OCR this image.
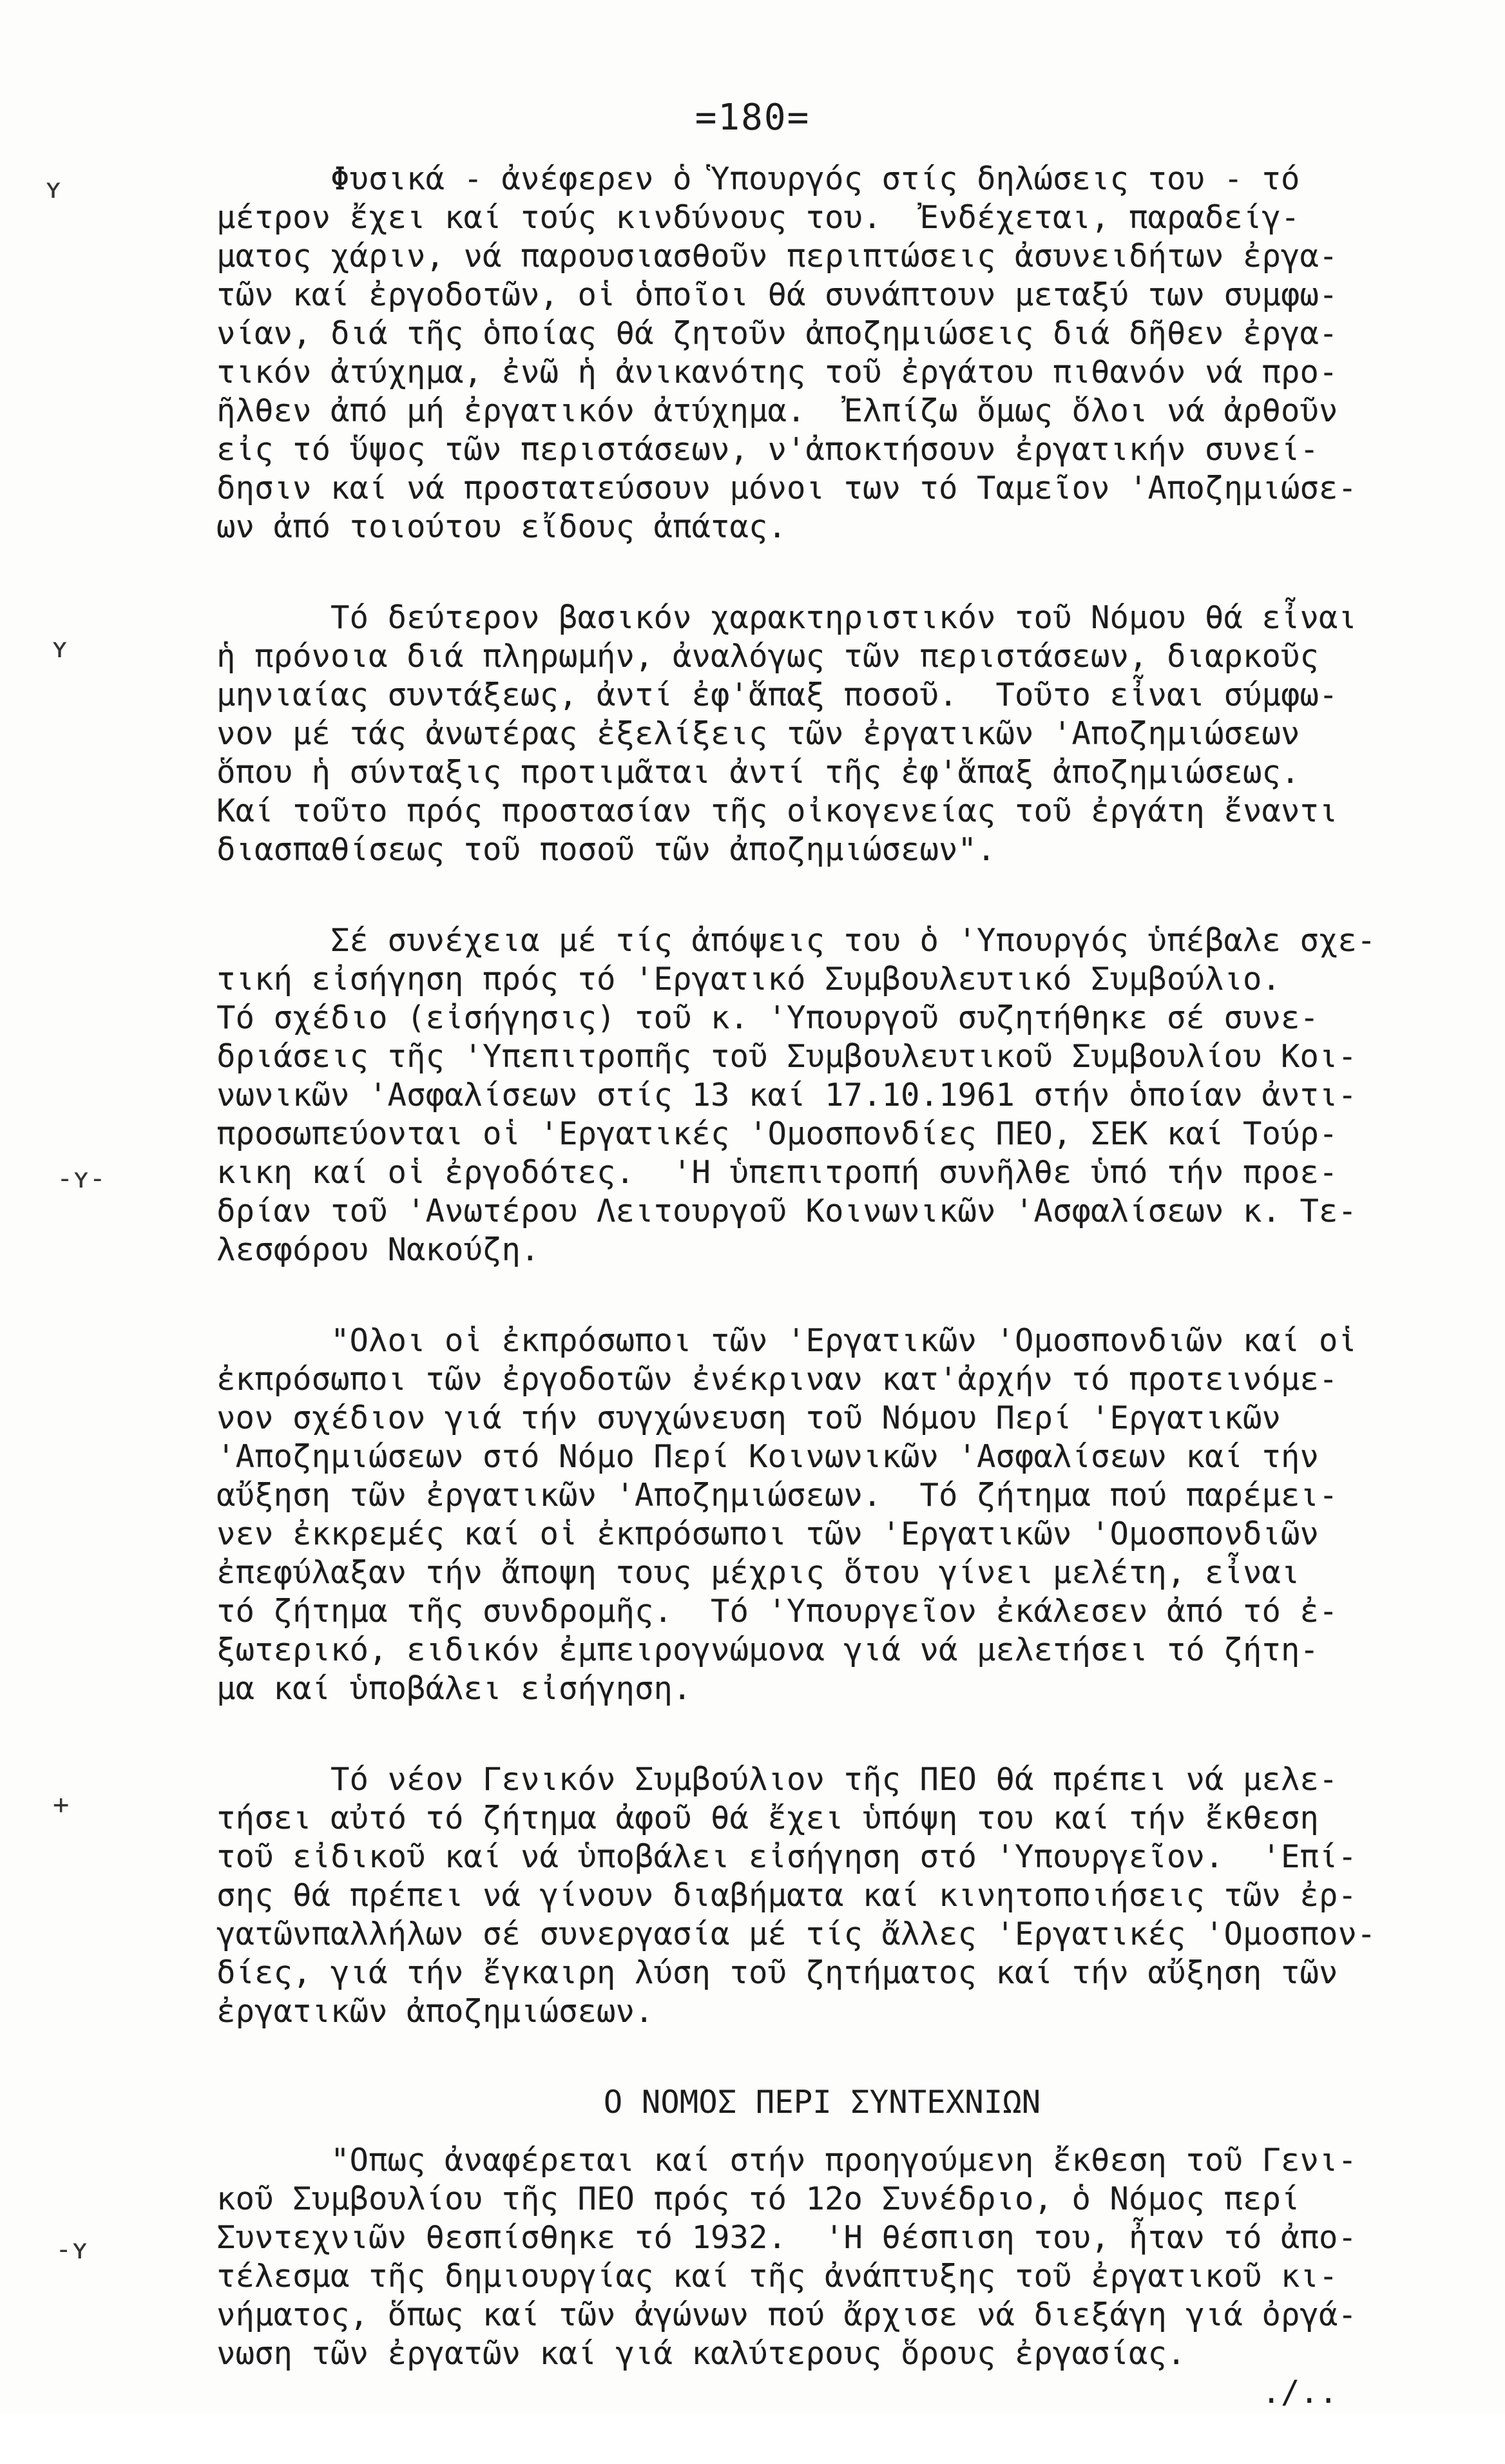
=180=
ʏ
ʏ
-ʏ-
+
-ʏ
Φυσικά - ἀνέφερεν ὁ Ὑπουργός στίς δηλώσεις του - τό
μέτρον ἔχει καί τούς κινδύνους του.  Ἐνδέχεται, παραδείγ-
ματος χάριν, νά παρουσιασθοῦν περιπτώσεις ἀσυνειδήτων ἐργα-
τῶν καί ἐργοδοτῶν, οἱ ὁποῖοι θά συνάπτουν μεταξύ των συμφω-
νίαν, διά τῆς ὁποίας θά ζητοῦν ἀποζημιώσεις διά δῆθεν ἐργα-
τικόν ἀτύχημα, ἐνῶ ἡ ἀνικανότης τοῦ ἐργάτου πιθανόν νά προ-
ῆλθεν ἀπό μή ἐργατικόν ἀτύχημα.  Ἐλπίζω ὅμως ὅλοι νά ἀρθοῦν
εἰς τό ὕψος τῶν περιστάσεων, ν'ἀποκτήσουν ἐργατικήν συνεί-
δησιν καί νά προστατεύσουν μόνοι των τό Ταμεῖον 'Αποζημιώσε-
ων ἀπό τοιούτου εἴδους ἀπάτας.
Τό δεύτερον βασικόν χαρακτηριστικόν τοῦ Νόμου θά εἶναι
ἡ πρόνοια διά πληρωμήν, ἀναλόγως τῶν περιστάσεων, διαρκοῦς
μηνιαίας συντάξεως, ἀντί ἐφ'ἅπαξ ποσοῦ.  Τοῦτο εἶναι σύμφω-
νον μέ τάς ἀνωτέρας ἐξελίξεις τῶν ἐργατικῶν 'Αποζημιώσεων
ὅπου ἡ σύνταξις προτιμᾶται ἀντί τῆς ἐφ'ἅπαξ ἀποζημιώσεως.
Καί τοῦτο πρός προστασίαν τῆς οἰκογενείας τοῦ ἐργάτη ἔναντι
διασπαθίσεως τοῦ ποσοῦ τῶν ἀποζημιώσεων".
Σέ συνέχεια μέ τίς ἀπόψεις του ὁ 'Υπουργός ὑπέβαλε σχε-
τική εἰσήγηση πρός τό 'Εργατικό Συμβουλευτικό Συμβούλιο.
Τό σχέδιο (εἰσήγησις) τοῦ κ. 'Υπουργοῦ συζητήθηκε σέ συνε-
δριάσεις τῆς 'Υπεπιτροπῆς τοῦ Συμβουλευτικοῦ Συμβουλίου Κοι-
νωνικῶν 'Ασφαλίσεων στίς 13 καί 17.10.1961 στήν ὁποίαν ἀντι-
προσωπεύονται οἱ 'Εργατικές 'Ομοσπονδίες ΠΕΟ, ΣΕΚ καί Τούρ-
κικη καί οἱ ἐργοδότες.  'Η ὑπεπιτροπή συνῆλθε ὑπό τήν προε-
δρίαν τοῦ 'Ανωτέρου Λειτουργοῦ Κοινωνικῶν 'Ασφαλίσεων κ. Τε-
λεσφόρου Νακούζη.
"Ολοι οἱ ἐκπρόσωποι τῶν 'Εργατικῶν 'Ομοσπονδιῶν καί οἱ
ἐκπρόσωποι τῶν ἐργοδοτῶν ἐνέκριναν κατ'ἀρχήν τό προτεινόμε-
νον σχέδιον γιά τήν συγχώνευση τοῦ Νόμου Περί 'Εργατικῶν
'Αποζημιώσεων στό Νόμο Περί Κοινωνικῶν 'Ασφαλίσεων καί τήν
αὔξηση τῶν ἐργατικῶν 'Αποζημιώσεων.  Τό ζήτημα πού παρέμει-
νεν ἐκκρεμές καί οἱ ἐκπρόσωποι τῶν 'Εργατικῶν 'Ομοσπονδιῶν
ἐπεφύλαξαν τήν ἄποψη τους μέχρις ὅτου γίνει μελέτη, εἶναι
τό ζήτημα τῆς συνδρομῆς.  Τό 'Υπουργεῖον ἐκάλεσεν ἀπό τό ἐ-
ξωτερικό, ειδικόν ἐμπειρογνώμονα γιά νά μελετήσει τό ζήτη-
μα καί ὑποβάλει εἰσήγηση.
Τό νέον Γενικόν Συμβούλιον τῆς ΠΕΟ θά πρέπει νά μελε-
τήσει αὐτό τό ζήτημα ἀφοῦ θά ἔχει ὑπόψη του καί τήν ἔκθεση
τοῦ εἰδικοῦ καί νά ὑποβάλει εἰσήγηση στό 'Υπουργεῖον.  'Επί-
σης θά πρέπει νά γίνουν διαβήματα καί κινητοποιήσεις τῶν ἐρ-
γατῶνπαλλήλων σέ συνεργασία μέ τίς ἄλλες 'Εργατικές 'Ομοσπον-
δίες, γιά τήν ἔγκαιρη λύση τοῦ ζητήματος καί τήν αὔξηση τῶν
ἐργατικῶν ἀποζημιώσεων.
Ο ΝΟΜΟΣ ΠΕΡΙ ΣΥΝΤΕΧΝΙΩΝ
"Οπως ἀναφέρεται καί στήν προηγούμενη ἔκθεση τοῦ Γενι-
κοῦ Συμβουλίου τῆς ΠΕΟ πρός τό 12ο Συνέδριο, ὁ Νόμος περί
Συντεχνιῶν θεσπίσθηκε τό 1932.  'Η θέσπιση του, ἦταν τό ἀπο-
τέλεσμα τῆς δημιουργίας καί τῆς ἀνάπτυξης τοῦ ἐργατικοῦ κι-
νήματος, ὅπως καί τῶν ἀγώνων πού ἄρχισε νά διεξάγη γιά ὀργά-
νωση τῶν ἐργατῶν καί γιά καλύτερους ὅρους ἐργασίας.
./..
